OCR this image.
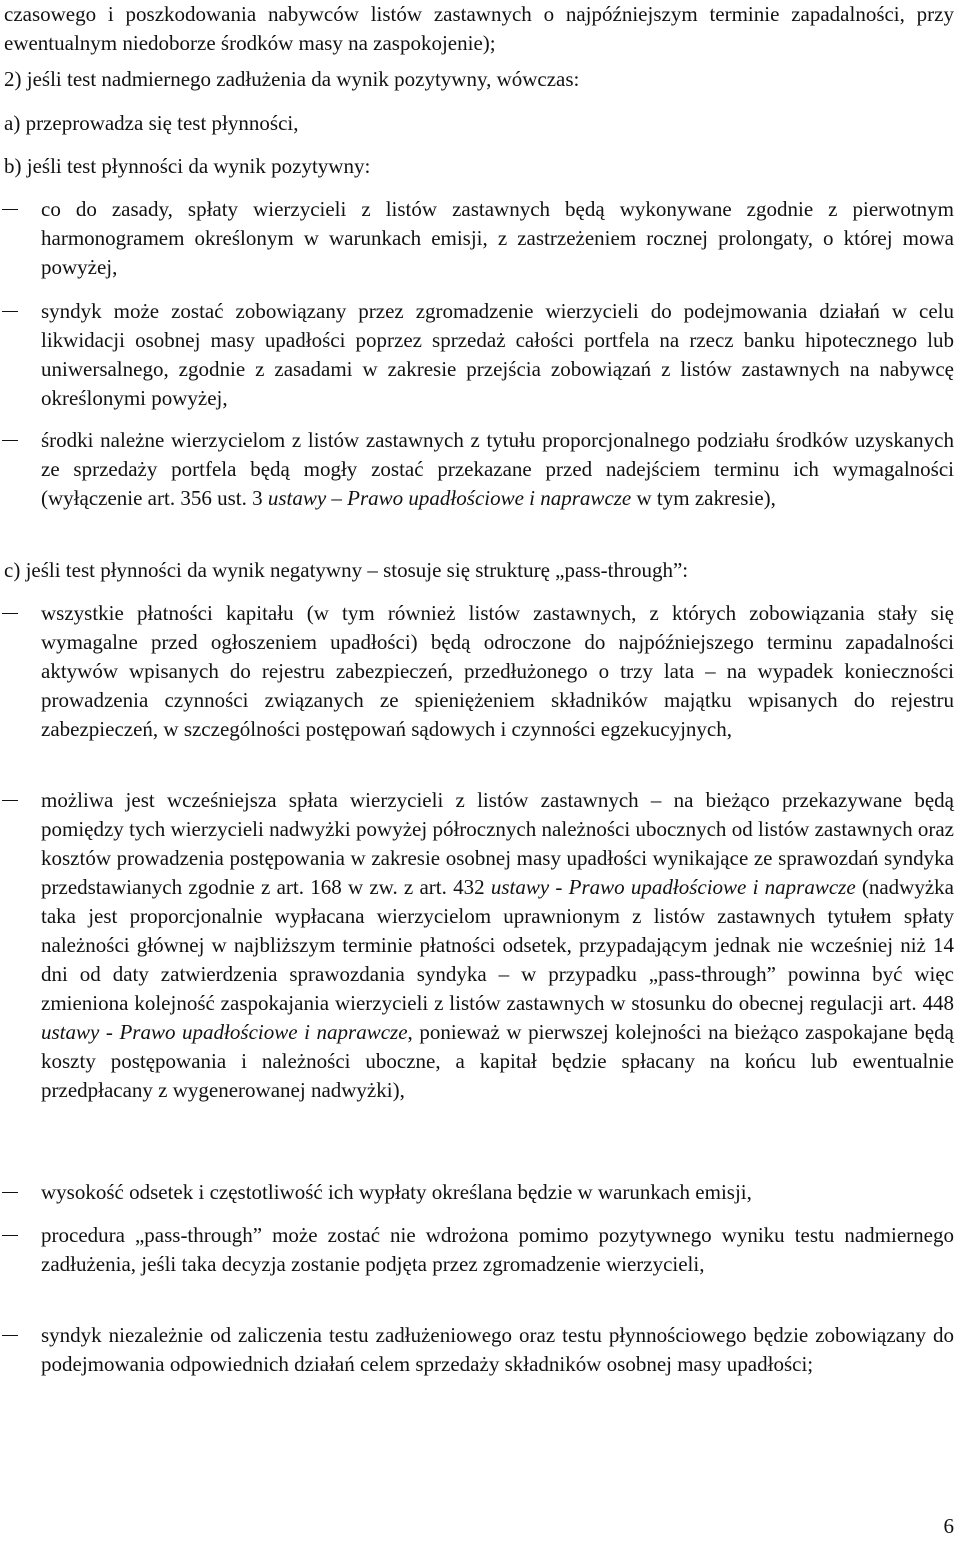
czasowego i poszkodowania nabywców listów zastawnych o najpóźniejszym terminie zapadalności, przy ewentualnym niedoborze środków masy na zaspokojenie);

2) jeśli test nadmiernego zadłużenia da wynik pozytywny, wówczas:

a) przeprowadza się test płynności,

b) jeśli test płynności da wynik pozytywny:

co do zasady, spłaty wierzycieli z listów zastawnych będą wykonywane zgodnie z pierwotnym harmonogramem określonym w warunkach emisji, z zastrzeżeniem rocznej prolongaty, o której mowa powyżej,
syndyk może zostać zobowiązany przez zgromadzenie wierzycieli do podejmowania działań w celu likwidacji osobnej masy upadłości poprzez sprzedaż całości portfela na rzecz banku hipotecznego lub uniwersalnego, zgodnie z zasadami w zakresie przejścia zobowiązań z listów zastawnych na nabywcę określonymi powyżej,
środki należne wierzycielom z listów zastawnych z tytułu proporcjonalnego podziału środków uzyskanych ze sprzedaży portfela będą mogły zostać przekazane przed nadejściem terminu ich wymagalności (wyłączenie art. 356 ust. 3 ustawy – Prawo upadłościowe i naprawcze w tym zakresie),

c) jeśli test płynności da wynik negatywny – stosuje się strukturę „pass-through”:

wszystkie płatności kapitału (w tym również listów zastawnych, z których zobowiązania stały się wymagalne przed ogłoszeniem upadłości) będą odroczone do najpóźniejszego terminu zapadalności aktywów wpisanych do rejestru zabezpieczeń, przedłużonego o trzy lata – na wypadek konieczności prowadzenia czynności związanych ze spieniężeniem składników majątku wpisanych do rejestru zabezpieczeń, w szczególności postępowań sądowych i czynności egzekucyjnych,
możliwa jest wcześniejsza spłata wierzycieli z listów zastawnych – na bieżąco przekazywane będą pomiędzy tych wierzycieli nadwyżki powyżej półrocznych należności ubocznych od listów zastawnych oraz kosztów prowadzenia postępowania w zakresie osobnej masy upadłości wynikające ze sprawozdań syndyka przedstawianych zgodnie z art. 168 w zw. z art. 432 ustawy - Prawo upadłościowe i naprawcze (nadwyżka taka jest proporcjonalnie wypłacana wierzycielom uprawnionym z listów zastawnych tytułem spłaty należności głównej w najbliższym terminie płatności odsetek, przypadającym jednak nie wcześniej niż 14 dni od daty zatwierdzenia sprawozdania syndyka – w przypadku „pass-through” powinna być więc zmieniona kolejność zaspokajania wierzycieli z listów zastawnych w stosunku do obecnej regulacji art. 448 ustawy - Prawo upadłościowe i naprawcze, ponieważ w pierwszej kolejności na bieżąco zaspokajane będą koszty postępowania i należności uboczne, a kapitał będzie spłacany na końcu lub ewentualnie przedpłacany z wygenerowanej nadwyżki),
wysokość odsetek i częstotliwość ich wypłaty określana będzie w warunkach emisji,
procedura „pass-through” może zostać nie wdrożona pomimo pozytywnego wyniku testu nadmiernego zadłużenia, jeśli taka decyzja zostanie podjęta przez zgromadzenie wierzycieli,
syndyk niezależnie od zaliczenia testu zadłużeniowego oraz testu płynnościowego będzie zobowiązany do podejmowania odpowiednich działań celem sprzedaży składników osobnej masy upadłości;

6
